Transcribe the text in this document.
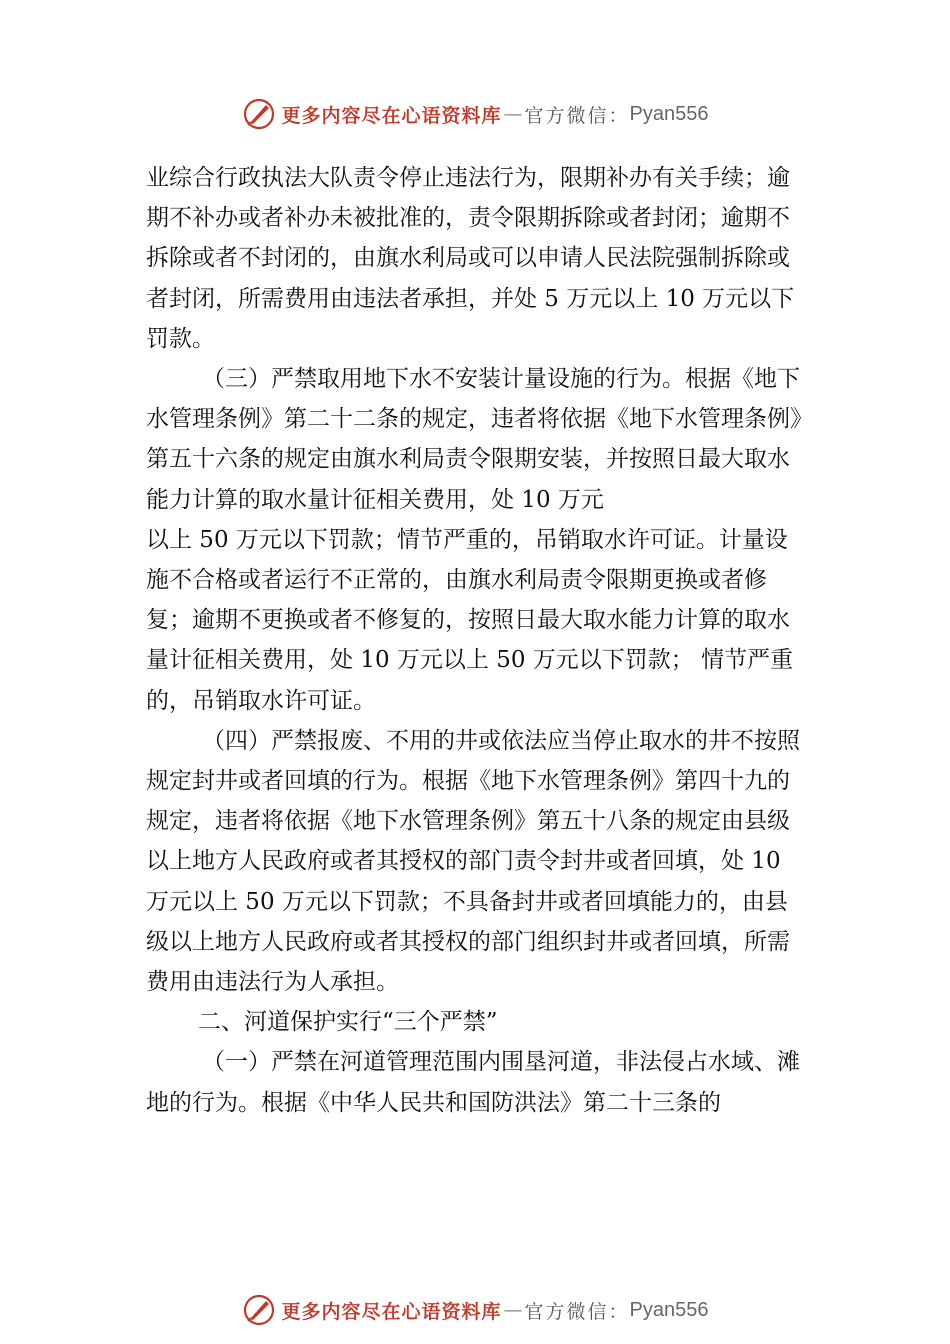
更多内容尽在心语资料库 — 官方微信： Pyan556

业综合行政执法大队责令停止违法行为，限期补办有关手续；逾期不补办或者补办未被批准的，责令限期拆除或者封闭；逾期不拆除或者不封闭的，由旗水利局或可以申请人民法院强制拆除或者封闭，所需费用由违法者承担，并处 5 万元以上 10 万元以下罚款。

（三）严禁取用地下水不安装计量设施的行为。根据《地下水管理条例》第二十二条的规定，违者将依据《地下水管理条例》第五十六条的规定由旗水利局责令限期安装，并按照日最大取水能力计算的取水量计征相关费用，处 10 万元

以上 50 万元以下罚款；情节严重的，吊销取水许可证。计量设施不合格或者运行不正常的，由旗水利局责令限期更换或者修复；逾期不更换或者不修复的，按照日最大取水能力计算的取水量计征相关费用，处 10 万元以上 50 万元以下罚款； 情节严重的，吊销取水许可证。

（四）严禁报废、不用的井或依法应当停止取水的井不按照规定封井或者回填的行为。根据《地下水管理条例》第四十九的规定，违者将依据《地下水管理条例》第五十八条的规定由县级以上地方人民政府或者其授权的部门责令封井或者回填，处 10 万元以上 50 万元以下罚款；不具备封井或者回填能力的，由县级以上地方人民政府或者其授权的部门组织封井或者回填，所需费用由违法行为人承担。

二、河道保护实行“三个严禁”

（一）严禁在河道管理范围内围垦河道，非法侵占水域、滩地的行为。根据《中华人民共和国防洪法》第二十三条的

更多内容尽在心语资料库 — 官方微信： Pyan556
